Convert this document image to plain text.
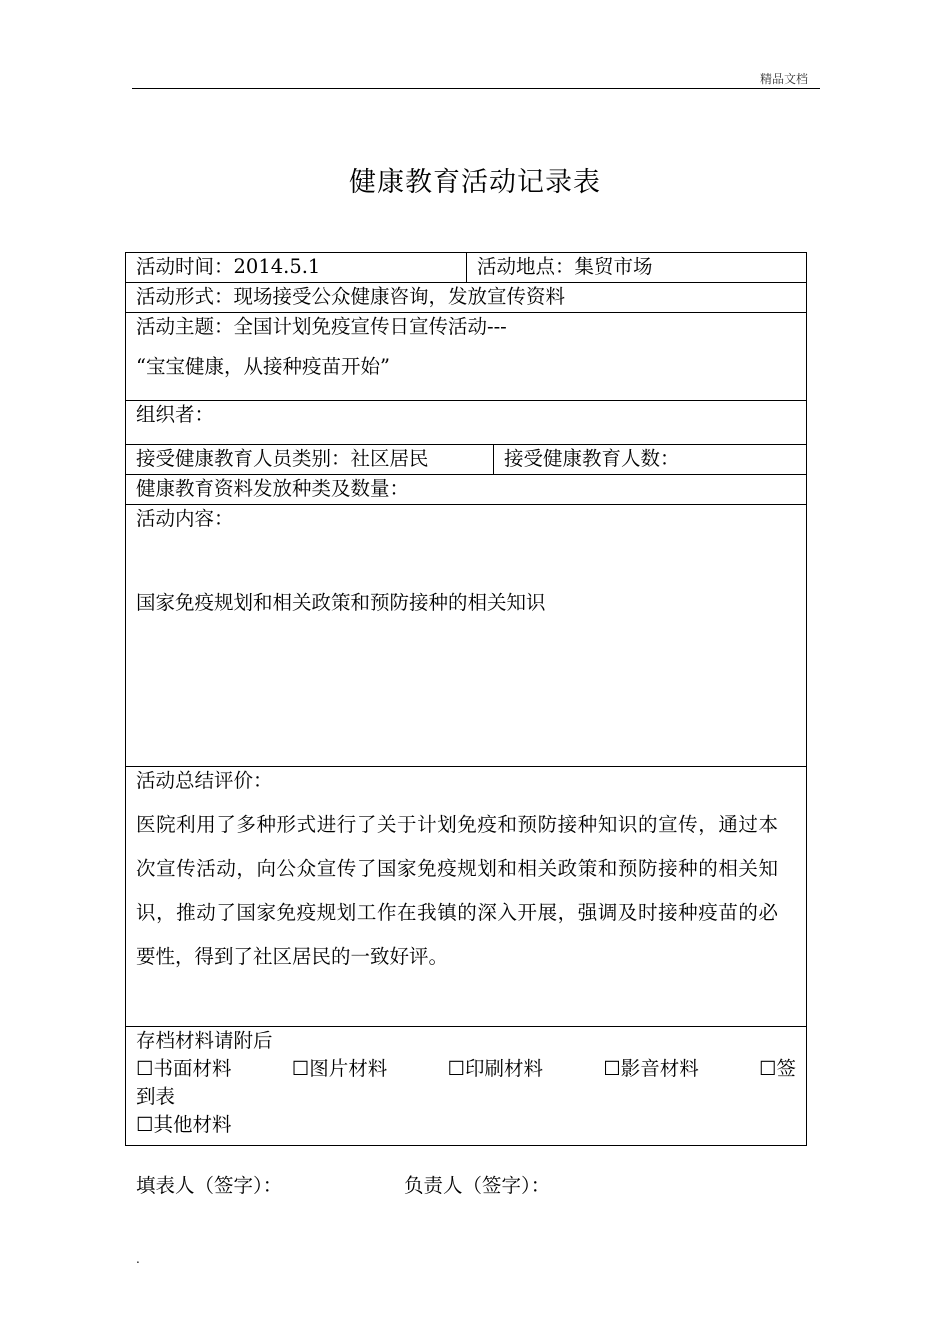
精品文档
健康教育活动记录表
活动时间：2014.5.1	活动地点：集贸市场
活动形式：现场接受公众健康咨询，发放宣传资料
活动主题：全国计划免疫宣传日宣传活动---
“宝宝健康，从接种疫苗开始”
组织者：
接受健康教育人员类别：社区居民	接受健康教育人数：
健康教育资料发放种类及数量：
活动内容：
国家免疫规划和相关政策和预防接种的相关知识
活动总结评价：
医院利用了多种形式进行了关于计划免疫和预防接种知识的宣传，通过本次宣传活动，向公众宣传了国家免疫规划和相关政策和预防接种的相关知识，推动了国家免疫规划工作在我镇的深入开展，强调及时接种疫苗的必要性，得到了社区居民的一致好评。
存档材料请附后
☐书面材料	☐图片材料	☐印刷材料	☐影音材料	☐签
到表
☐其他材料
填表人（签字）：	负责人（签字）：
.
